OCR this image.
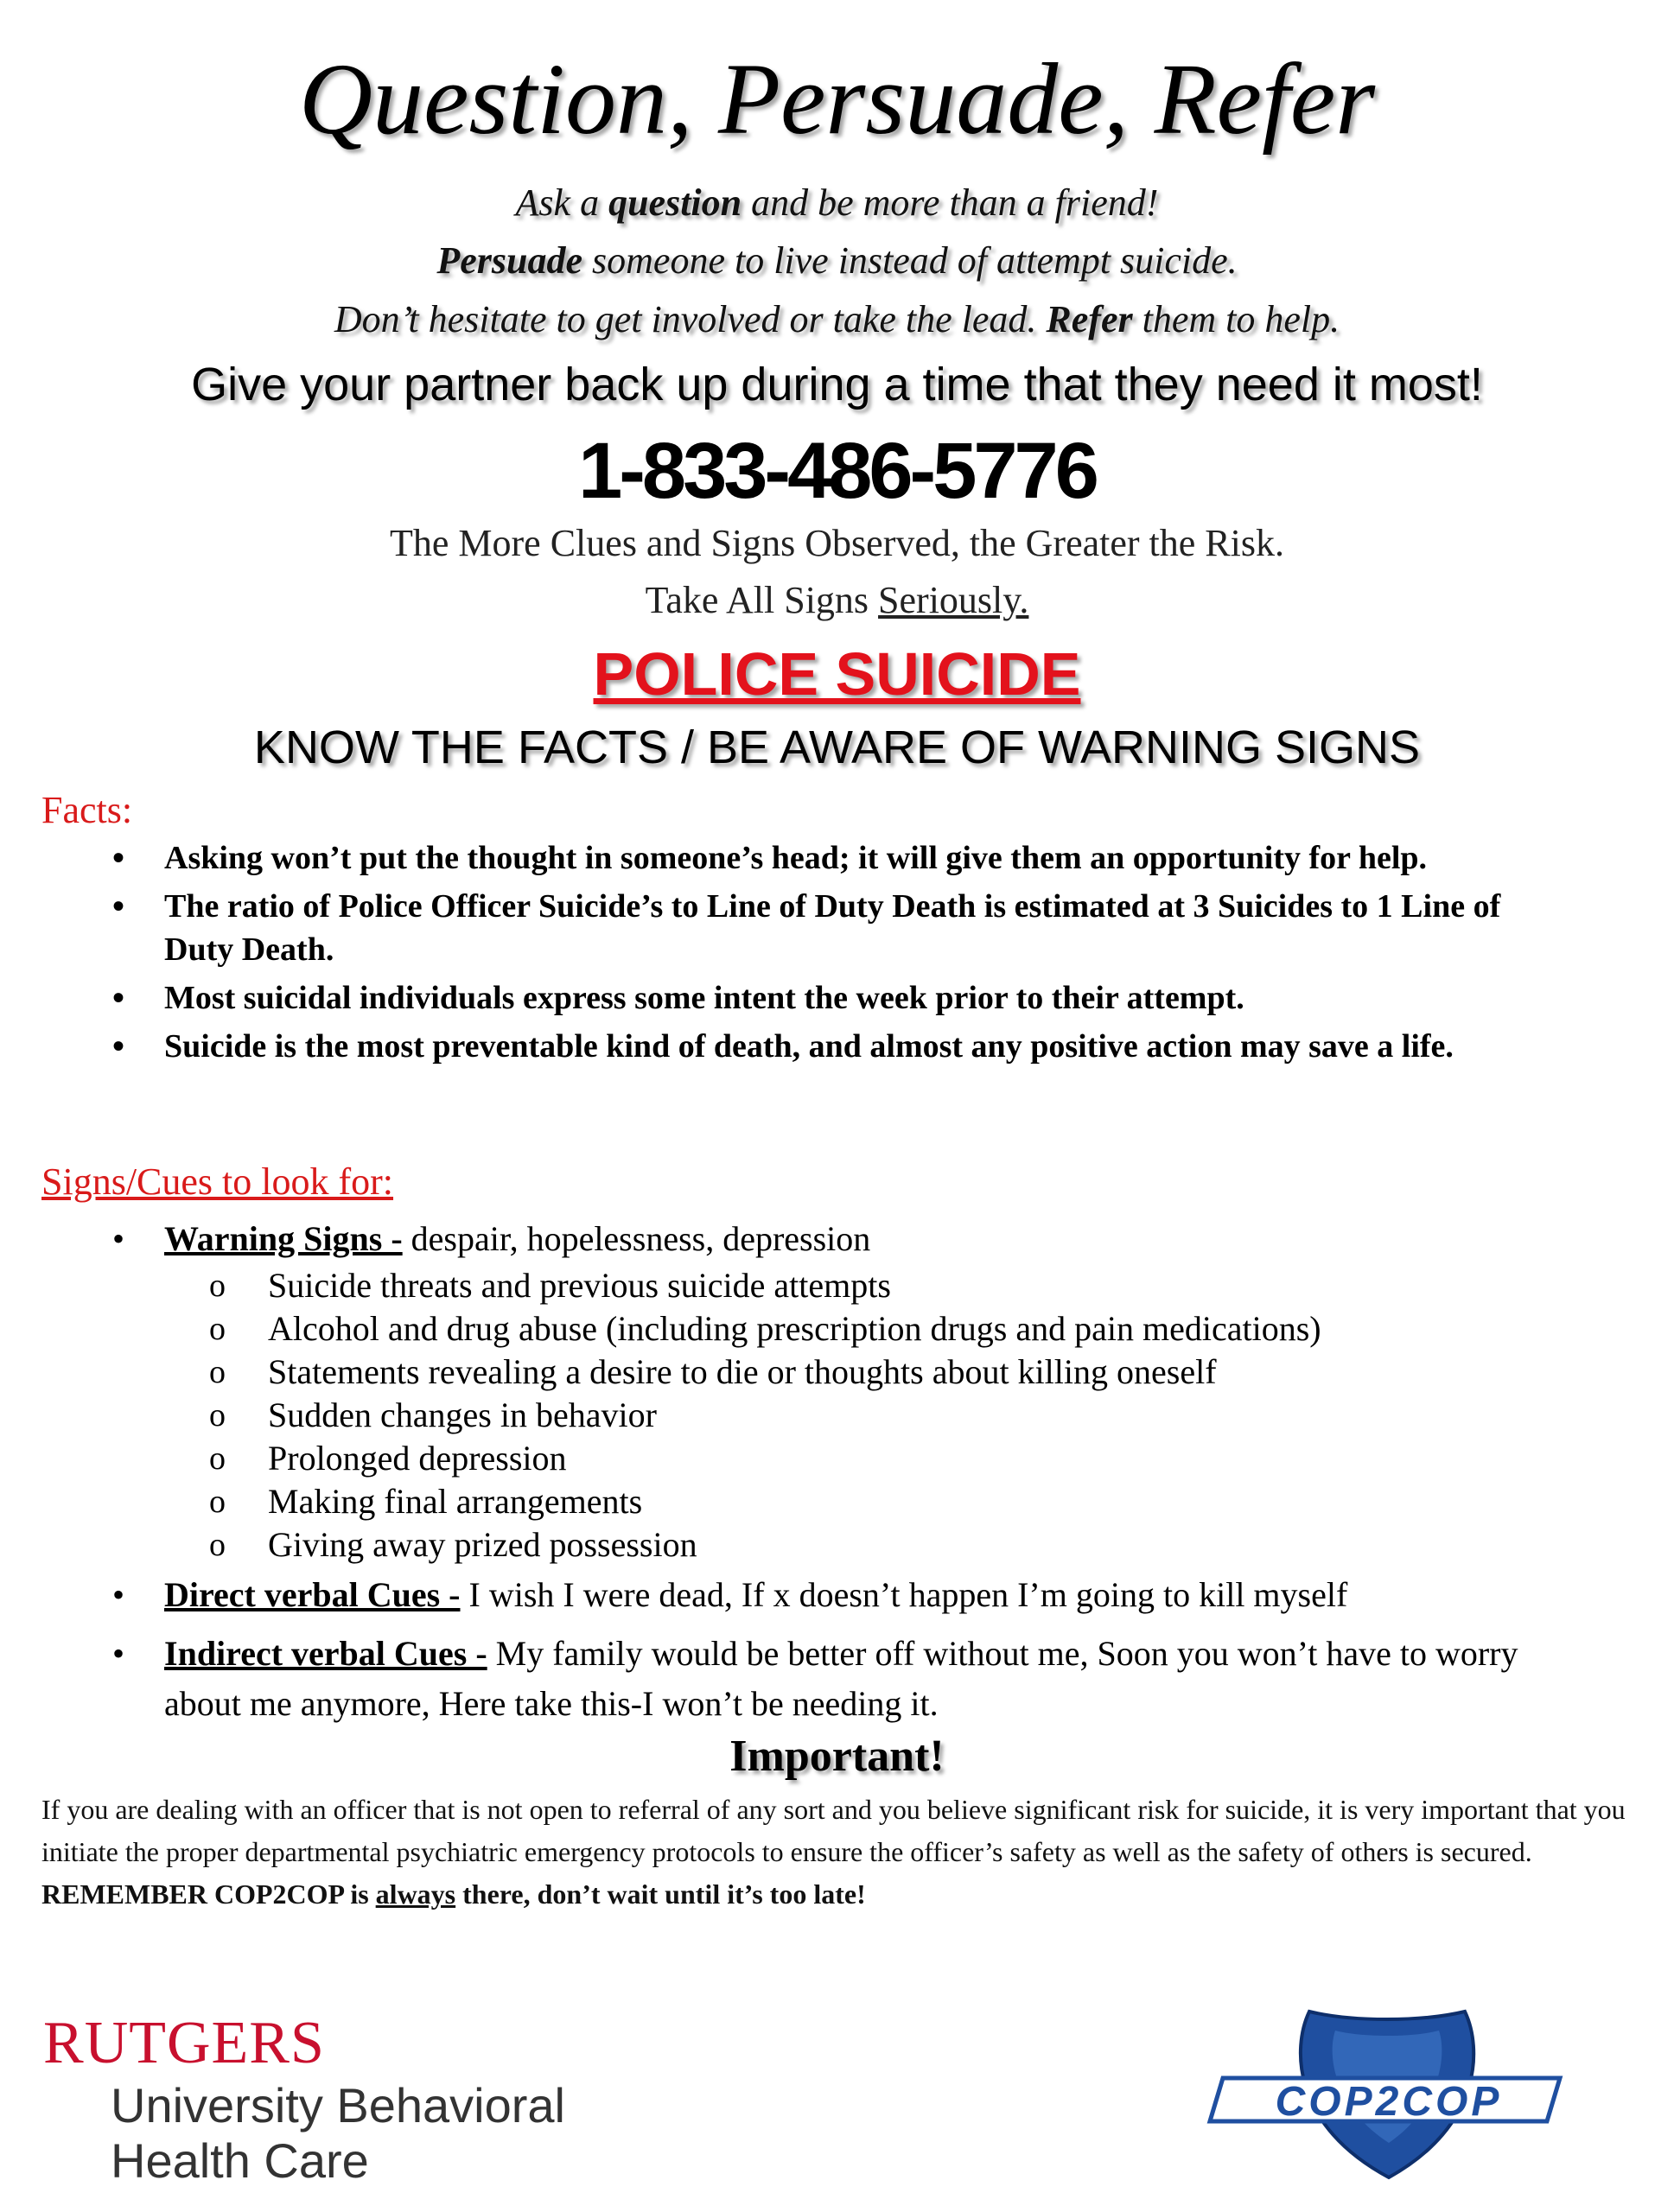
Question, Persuade, Refer
Ask a question and be more than a friend!
Persuade someone to live instead of attempt suicide.
Don’t hesitate to get involved or take the lead. Refer them to help.
Give your partner back up during a time that they need it most!
1-833-486-5776
The More Clues and Signs Observed, the Greater the Risk.
Take All Signs Seriously.
POLICE SUICIDE
KNOW THE FACTS / BE AWARE OF WARNING SIGNS
Facts:
• Asking won’t put the thought in someone’s head; it will give them an opportunity for help.
• The ratio of Police Officer Suicide’s to Line of Duty Death is estimated at 3 Suicides to 1 Line of Duty Death.
• Most suicidal individuals express some intent the week prior to their attempt.
• Suicide is the most preventable kind of death, and almost any positive action may save a life.
Signs/Cues to look for:
• Warning Signs - despair, hopelessness, depression
o Suicide threats and previous suicide attempts
o Alcohol and drug abuse (including prescription drugs and pain medications)
o Statements revealing a desire to die or thoughts about killing oneself
o Sudden changes in behavior
o Prolonged depression
o Making final arrangements
o Giving away prized possession
• Direct verbal Cues - I wish I were dead, If x doesn’t happen I’m going to kill myself
• Indirect verbal Cues - My family would be better off without me, Soon you won’t have to worry about me anymore, Here take this-I won’t be needing it.
Important!
If you are dealing with an officer that is not open to referral of any sort and you believe significant risk for suicide, it is very important that you initiate the proper departmental psychiatric emergency protocols to ensure the officer’s safety as well as the safety of others is secured. REMEMBER COP2COP is always there, don’t wait until it’s too late!
RUTGERS
University Behavioral
Health Care
COP2COP
